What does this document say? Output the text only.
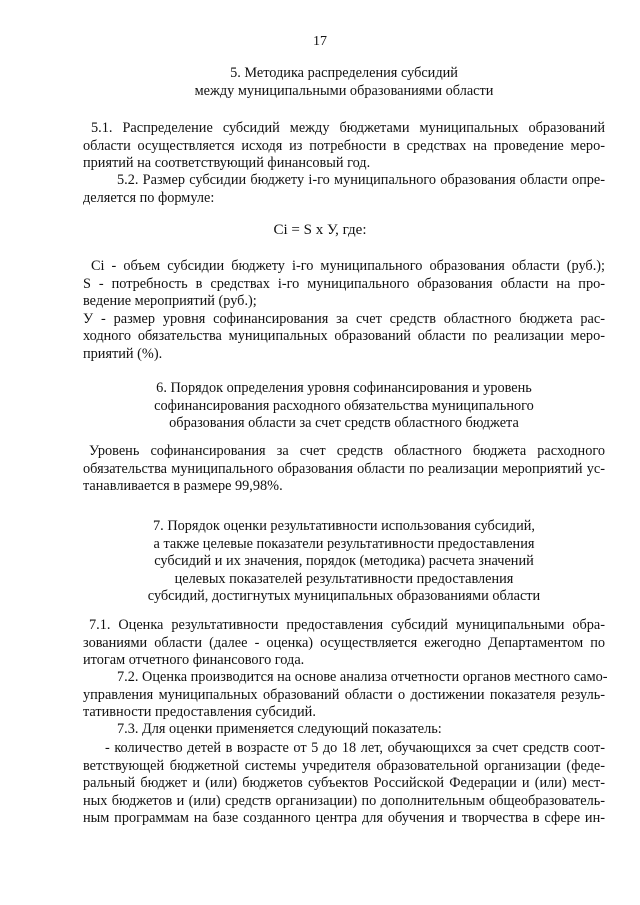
17
5. Методика распределения субсидий
между муниципальными образованиями области
5.1. Распределение субсидий между бюджетами муниципальных образований
области осуществляется исходя из потребности в средствах на проведение меро-
приятий на соответствующий финансовый год.
5.2. Размер субсидии бюджету i-го муниципального образования области опре-
деляется по формуле:
Ci = S x У, где:
Ci - объем субсидии бюджету i-го муниципального образования области (руб.);
S - потребность в средствах i-го муниципального образования области на про-
ведение мероприятий (руб.);
У - размер уровня софинансирования за счет средств областного бюджета рас-
ходного обязательства муниципальных образований области по реализации меро-
приятий (%).
6. Порядок определения уровня софинансирования и уровень
софинансирования расходного обязательства муниципального
образования области за счет средств областного бюджета
Уровень софинансирования за счет средств областного бюджета расходного
обязательства муниципального образования области по реализации мероприятий ус-
танавливается в размере 99,98%.
7. Порядок оценки результативности использования субсидий,
а также целевые показатели результативности предоставления
субсидий и их значения, порядок (методика) расчета значений
целевых показателей результативности предоставления
субсидий, достигнутых муниципальных образованиями области
7.1. Оценка результативности предоставления субсидий муниципальными обра-
зованиями области (далее - оценка) осуществляется ежегодно Департаментом по
итогам отчетного финансового года.
7.2. Оценка производится на основе анализа отчетности органов местного само-
управления муниципальных образований области о достижении показателя резуль-
тативности предоставления субсидий.
7.3. Для оценки применяется следующий показатель:
- количество детей в возрасте от 5 до 18 лет, обучающихся за счет средств соот-
ветствующей бюджетной системы учредителя образовательной организации (феде-
ральный бюджет и (или) бюджетов субъектов Российской Федерации и (или) мест-
ных бюджетов и (или) средств организации) по дополнительным общеобразователь-
ным программам на базе созданного центра для обучения и творчества в сфере ин-
